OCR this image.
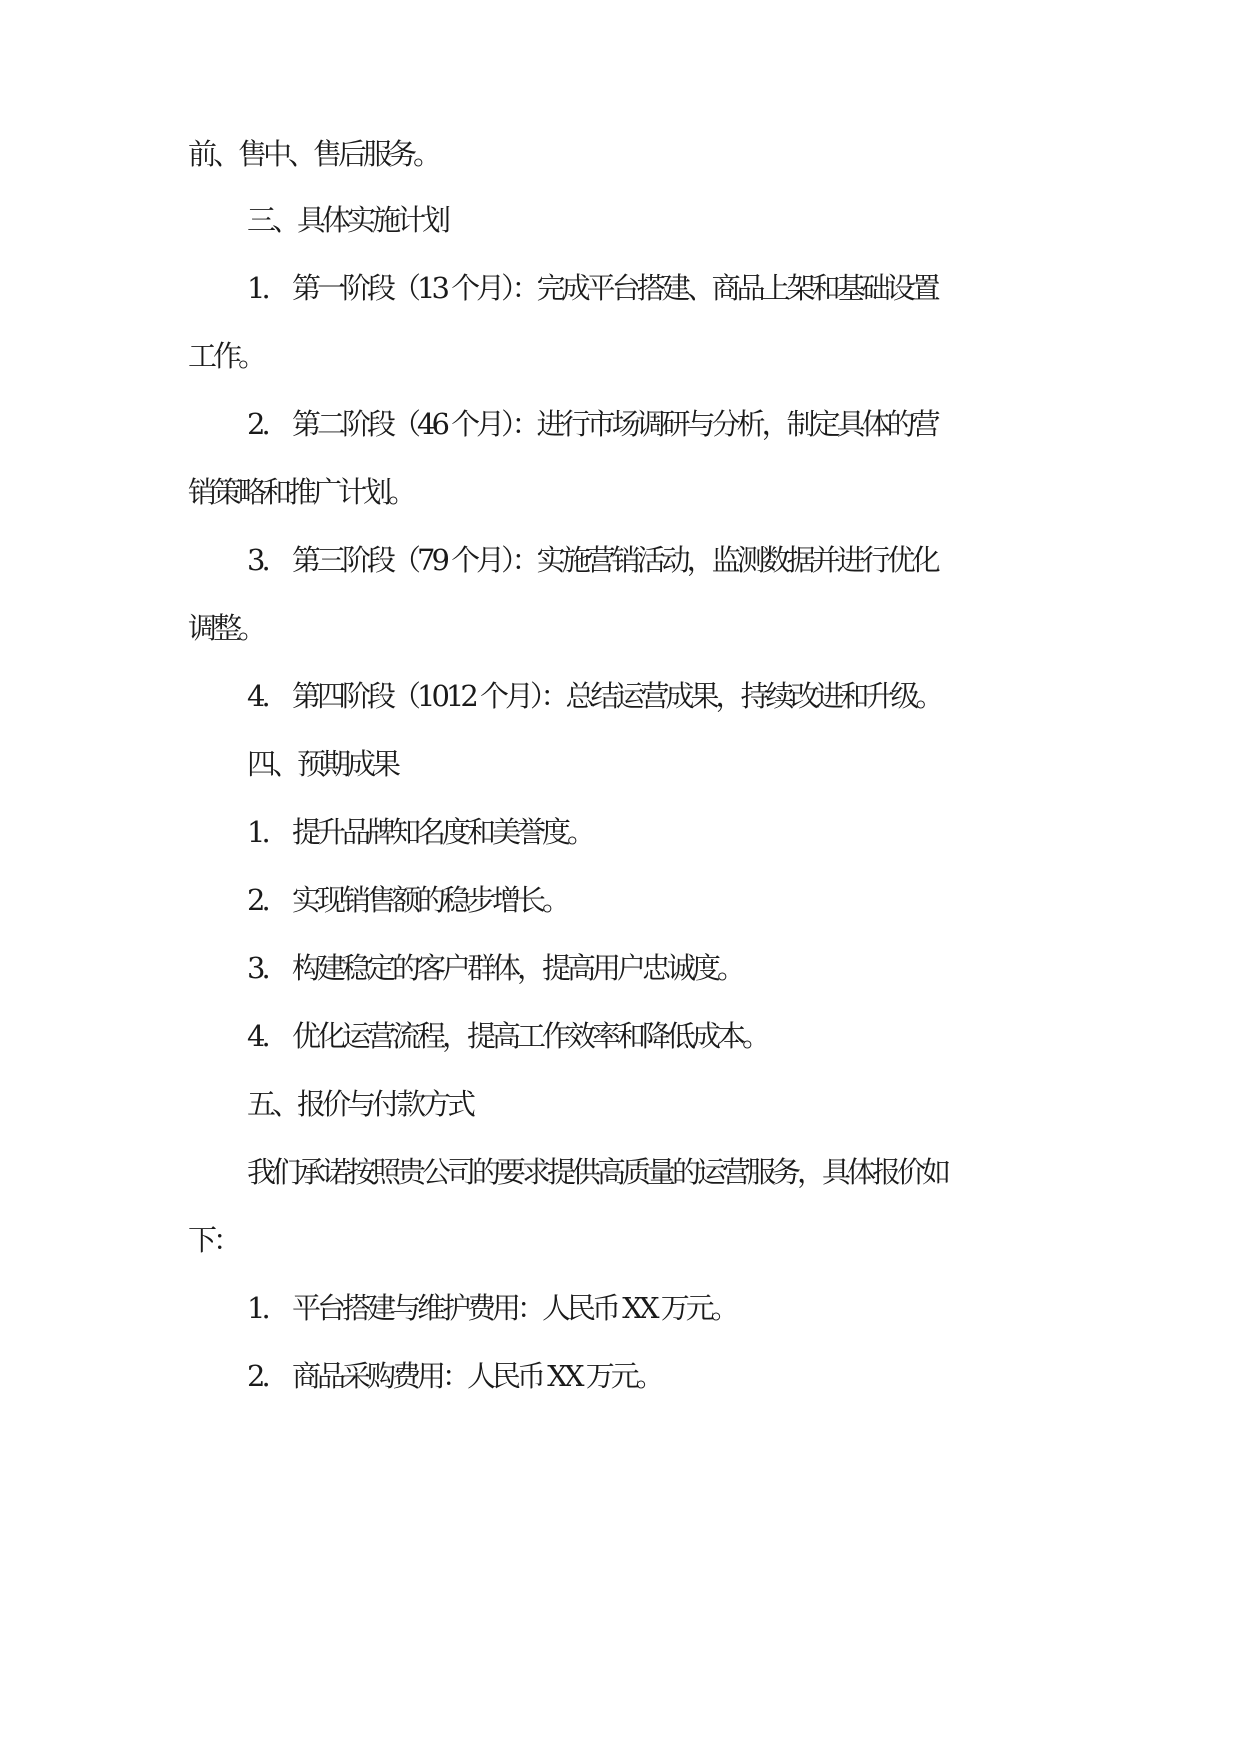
前、售中、售后服务。
三、具体实施计划
1. 第一阶段（13 个月）：完成平台搭建、商品上架和基础设置
工作。
2. 第二阶段（46 个月）：进行市场调研与分析，制定具体的营
销策略和推广计划。
3. 第三阶段（79 个月）：实施营销活动，监测数据并进行优化
调整。
4. 第四阶段（1012 个月）：总结运营成果，持续改进和升级。
四、预期成果
1. 提升品牌知名度和美誉度。
2. 实现销售额的稳步增长。
3. 构建稳定的客户群体，提高用户忠诚度。
4. 优化运营流程，提高工作效率和降低成本。
五、报价与付款方式
我们承诺按照贵公司的要求提供高质量的运营服务，具体报价如
下：
1. 平台搭建与维护费用：人民币 XX 万元。
2. 商品采购费用：人民币 XX 万元。
